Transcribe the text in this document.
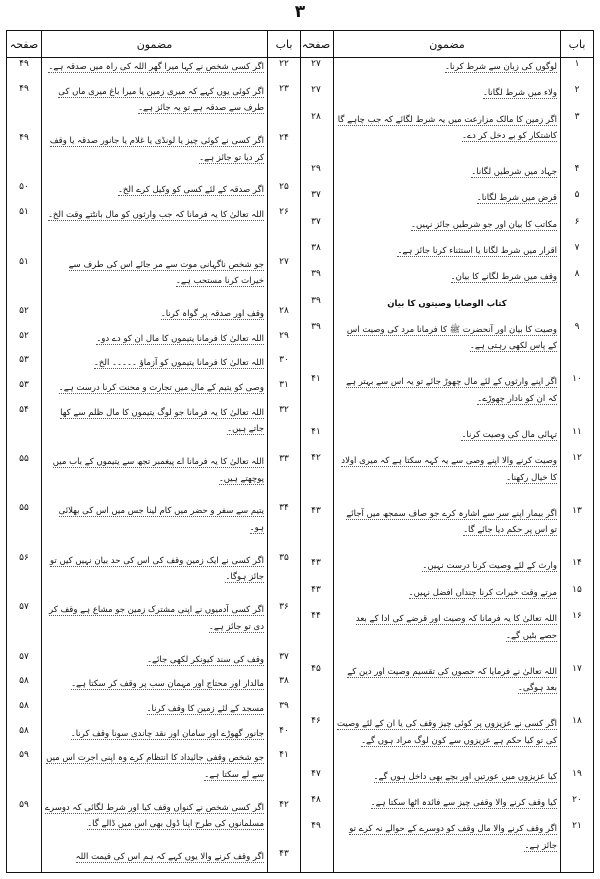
۳
باب
مضمون
صفحہ
۱
لوگوں کی زبان سے شرط کرنا۔
۲۷
۲
ولاء میں شرط لگانا۔
۲۷
۳
اگر زمین کا مالک مزارعت میں یہ شرط لگائے کہ جب چاہے گا کاشتکار کو بے دخل کر دے۔
۲۸
۴
جہاد میں شرطیں لگانا۔
۲۹
۵
قرض میں شرط لگانا۔
۳۷
۶
مکاتب کا بیان اور جو شرطیں جائز نہیں۔
۳۷
۷
اقرار میں شرط لگانا یا استثناء کرنا جائز ہے۔
۳۸
۸
وقف میں شرط لگانے کا بیان۔
۳۹
کتاب الوصایا وصیتوں کا بیان
۳۹
۹
وصیت کا بیان اور آنحضرت ﷺ کا فرمانا مرد کی وصیت اس کے پاس لکھی رہتی ہے۔
۳۹
۱۰
اگر اپنے وارثوں کے لئے مال چھوڑ جائے تو یہ اس سے بہتر ہے کہ ان کو نادار چھوڑے۔
۴۱
۱۱
تہائی مال کی وصیت کرنا۔
۴۱
۱۲
وصیت کرنے والا اپنے وصی سے یہ کہہ سکتا ہے کہ میری اولاد کا خیال رکھنا۔
۴۲
۱۳
اگر بیمار اپنے سر سے اشارہ کرے جو صاف سمجھ میں آجائے تو اس پر حکم دیا جائے گا۔
۴۳
۱۴
وارث کے لئے وصیت کرنا درست نہیں۔
۴۳
۱۵
مرتے وقت خیرات کرنا چنداں افضل نہیں۔
۴۳
۱۶
اللہ تعالیٰ کا یہ فرمانا کہ وصیت اور قرضے کی ادا کے بعد حصے بٹیں گے۔
۴۴
۱۷
اللہ تعالیٰ نے فرمایا کہ حصوں کی تقسیم وصیت اور دین کے بعد ہوگی۔
۴۵
۱۸
اگر کسی نے عزیزوں پر کوئی چیز وقف کی یا ان کے لئے وصیت کی تو کیا حکم ہے عزیزوں سے کون لوگ مراد ہوں گے۔
۴۶
۱۹
کیا عزیزوں میں عورتیں اور بچے بھی داخل ہوں گے۔
۴۷
۲۰
کیا وقف کرنے والا وقفی چیز سے فائدہ اٹھا سکتا ہے۔
۴۸
۲۱
اگر وقف کرنے والا مال وقف کو دوسرے کے حوالے نہ کرے تو جائز ہے۔
۴۹
باب
مضمون
صفحہ
۲۲
اگر کسی شخص نے کہا میرا گھر اللہ کی راہ میں صدقہ ہے۔
۴۹
۲۳
اگر کوئی یوں کہے کہ میری زمین یا میرا باغ میری ماں کی طرف سے صدقہ ہے تو یہ جائز ہے۔
۴۹
۲۴
اگر کسی نے کوئی چیز یا لونڈی یا غلام یا جانور صدقہ یا وقف کر دیا تو جائز ہے۔
۴۹
۲۵
اگر صدقہ کے لئے کسی کو وکیل کرے الخ۔
۵۰
۲۶
اللہ تعالیٰ کا یہ فرمانا کہ جب وارثوں کو مال بانٹتے وقت الخ۔
۵۱
۲۷
جو شخص ناگہانی موت سے مر جائے اس کی طرف سے خیرات کرنا مستحب ہے۔
۵۱
۲۸
وقف اور صدقہ پر گواہ کرنا۔
۵۲
۲۹
اللہ تعالیٰ کا فرمانا یتیموں کا مال ان کو دے دو۔
۵۲
۳۰
اللہ تعالیٰ کا فرمانا یتیموں کو آزماؤ ۔۔۔۔۔ الخ۔
۵۳
۳۱
وصی کو یتیم کے مال میں تجارت و محنت کرنا درست ہے۔
۵۳
۳۲
اللہ تعالیٰ کا یہ فرمانا جو لوگ یتیموں کا مال ظلم سے کھا جاتے ہیں۔
۵۴
۳۳
اللہ تعالیٰ کا یہ فرمانا اے پیغمبر تجھ سے یتیموں کے باب میں پوچھتے ہیں۔
۵۵
۳۴
یتیم سے سفر و حضر میں کام لینا جس میں اس کی بھلائی ہو۔
۵۵
۳۵
اگر کسی نے ایک زمین وقف کی اس کی حد بیان نہیں کیں تو جائز ہوگا۔
۵۶
۳۶
اگر کسی آدمیوں نے اپنی مشترک زمین جو مشاع ہے وقف کر دی تو جائز ہے۔
۵۷
۳۷
وقف کی سند کیونکر لکھی جائے۔
۵۷
۳۸
مالدار اور محتاج اور مہمان سب پر وقف کر سکتا ہے۔
۵۸
۳۹
مسجد کے لئے زمین کا وقف کرنا۔
۵۸
۴۰
جانور گھوڑے اور سامان اور نقد چاندی سونا وقف کرنا۔
۵۸
۴۱
جو شخص وقفی جائیداد کا انتظام کرے وہ اپنی اجرت اس میں سے لے سکتا ہے۔
۵۹
۴۲
اگر کسی شخص نے کنواں وقف کیا اور شرط لگائی کہ دوسرے مسلمانوں کی طرح اپنا ڈول بھی اس میں ڈالے گا۔
۵۹
۴۳
اگر وقف کرنے والا یوں کہے کہ ہم اس کی قیمت اللہ
